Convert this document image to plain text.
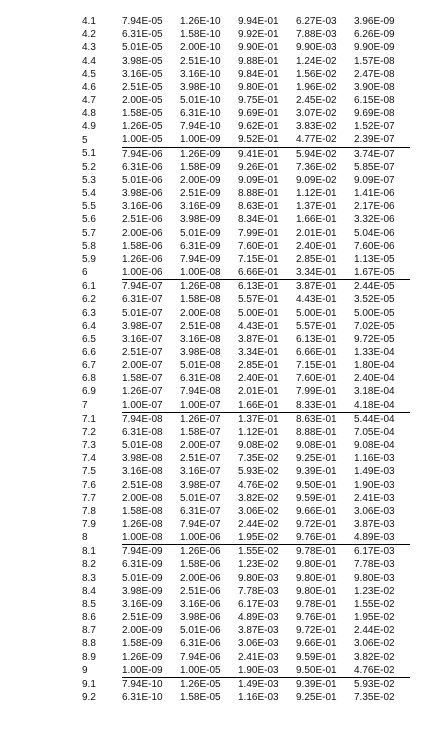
4.1	7.94E-05	1.26E-10	9.94E-01	6.27E-03	3.96E-09
4.2	6.31E-05	1.58E-10	9.92E-01	7.88E-03	6.26E-09
4.3	5.01E-05	2.00E-10	9.90E-01	9.90E-03	9.90E-09
4.4	3.98E-05	2.51E-10	9.88E-01	1.24E-02	1.57E-08
4.5	3.16E-05	3.16E-10	9.84E-01	1.56E-02	2.47E-08
4.6	2.51E-05	3.98E-10	9.80E-01	1.96E-02	3.90E-08
4.7	2.00E-05	5.01E-10	9.75E-01	2.45E-02	6.15E-08
4.8	1.58E-05	6.31E-10	9.69E-01	3.07E-02	9.69E-08
4.9	1.26E-05	7.94E-10	9.62E-01	3.83E-02	1.52E-07
5	1.00E-05	1.00E-09	9.52E-01	4.77E-02	2.39E-07
5.1	7.94E-06	1.26E-09	9.41E-01	5.94E-02	3.74E-07
5.2	6.31E-06	1.58E-09	9.26E-01	7.36E-02	5.85E-07
5.3	5.01E-06	2.00E-09	9.09E-01	9.09E-02	9.09E-07
5.4	3.98E-06	2.51E-09	8.88E-01	1.12E-01	1.41E-06
5.5	3.16E-06	3.16E-09	8.63E-01	1.37E-01	2.17E-06
5.6	2.51E-06	3.98E-09	8.34E-01	1.66E-01	3.32E-06
5.7	2.00E-06	5.01E-09	7.99E-01	2.01E-01	5.04E-06
5.8	1.58E-06	6.31E-09	7.60E-01	2.40E-01	7.60E-06
5.9	1.26E-06	7.94E-09	7.15E-01	2.85E-01	1.13E-05
6	1.00E-06	1.00E-08	6.66E-01	3.34E-01	1.67E-05
6.1	7.94E-07	1.26E-08	6.13E-01	3.87E-01	2.44E-05
6.2	6.31E-07	1.58E-08	5.57E-01	4.43E-01	3.52E-05
6.3	5.01E-07	2.00E-08	5.00E-01	5.00E-01	5.00E-05
6.4	3.98E-07	2.51E-08	4.43E-01	5.57E-01	7.02E-05
6.5	3.16E-07	3.16E-08	3.87E-01	6.13E-01	9.72E-05
6.6	2.51E-07	3.98E-08	3.34E-01	6.66E-01	1.33E-04
6.7	2.00E-07	5.01E-08	2.85E-01	7.15E-01	1.80E-04
6.8	1.58E-07	6.31E-08	2.40E-01	7.60E-01	2.40E-04
6.9	1.26E-07	7.94E-08	2.01E-01	7.99E-01	3.18E-04
7	1.00E-07	1.00E-07	1.66E-01	8.33E-01	4.18E-04
7.1	7.94E-08	1.26E-07	1.37E-01	8.63E-01	5.44E-04
7.2	6.31E-08	1.58E-07	1.12E-01	8.88E-01	7.05E-04
7.3	5.01E-08	2.00E-07	9.08E-02	9.08E-01	9.08E-04
7.4	3.98E-08	2.51E-07	7.35E-02	9.25E-01	1.16E-03
7.5	3.16E-08	3.16E-07	5.93E-02	9.39E-01	1.49E-03
7.6	2.51E-08	3.98E-07	4.76E-02	9.50E-01	1.90E-03
7.7	2.00E-08	5.01E-07	3.82E-02	9.59E-01	2.41E-03
7.8	1.58E-08	6.31E-07	3.06E-02	9.66E-01	3.06E-03
7.9	1.26E-08	7.94E-07	2.44E-02	9.72E-01	3.87E-03
8	1.00E-08	1.00E-06	1.95E-02	9.76E-01	4.89E-03
8.1	7.94E-09	1.26E-06	1.55E-02	9.78E-01	6.17E-03
8.2	6.31E-09	1.58E-06	1.23E-02	9.80E-01	7.78E-03
8.3	5.01E-09	2.00E-06	9.80E-03	9.80E-01	9.80E-03
8.4	3.98E-09	2.51E-06	7.78E-03	9.80E-01	1.23E-02
8.5	3.16E-09	3.16E-06	6.17E-03	9.78E-01	1.55E-02
8.6	2.51E-09	3.98E-06	4.89E-03	9.76E-01	1.95E-02
8.7	2.00E-09	5.01E-06	3.87E-03	9.72E-01	2.44E-02
8.8	1.58E-09	6.31E-06	3.06E-03	9.66E-01	3.06E-02
8.9	1.26E-09	7.94E-06	2.41E-03	9.59E-01	3.82E-02
9	1.00E-09	1.00E-05	1.90E-03	9.50E-01	4.76E-02
9.1	7.94E-10	1.26E-05	1.49E-03	9.39E-01	5.93E-02
9.2	6.31E-10	1.58E-05	1.16E-03	9.25E-01	7.35E-02
